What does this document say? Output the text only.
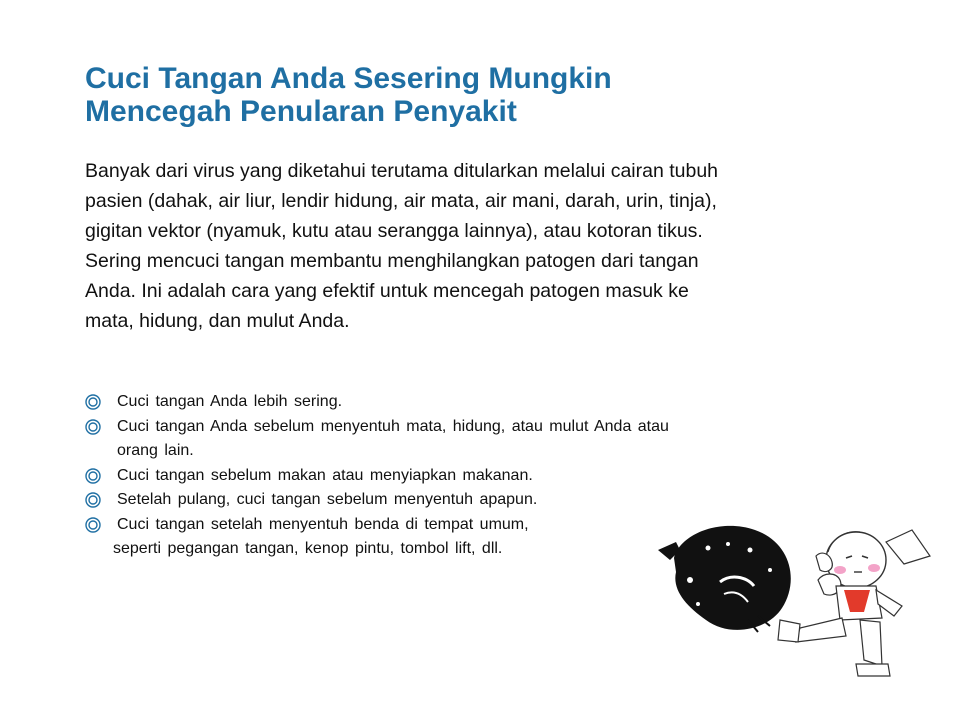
Cuci Tangan Anda Sesering Mungkin
Mencegah Penularan Penyakit

Banyak dari virus yang diketahui terutama ditularkan melalui cairan tubuh
pasien (dahak, air liur, lendir hidung, air mata, air mani, darah, urin, tinja),
gigitan vektor (nyamuk, kutu atau serangga lainnya), atau kotoran tikus.
Sering mencuci tangan membantu menghilangkan patogen dari tangan
Anda. Ini adalah cara yang efektif untuk mencegah patogen masuk ke
mata, hidung, dan mulut Anda.

Cuci tangan Anda lebih sering.
Cuci tangan Anda sebelum menyentuh mata, hidung, atau mulut Anda atau
orang lain.
Cuci tangan sebelum makan atau menyiapkan makanan.
Setelah pulang, cuci tangan sebelum menyentuh apapun.
Cuci tangan setelah menyentuh benda di tempat umum,
seperti pegangan tangan, kenop pintu, tombol lift, dll.
